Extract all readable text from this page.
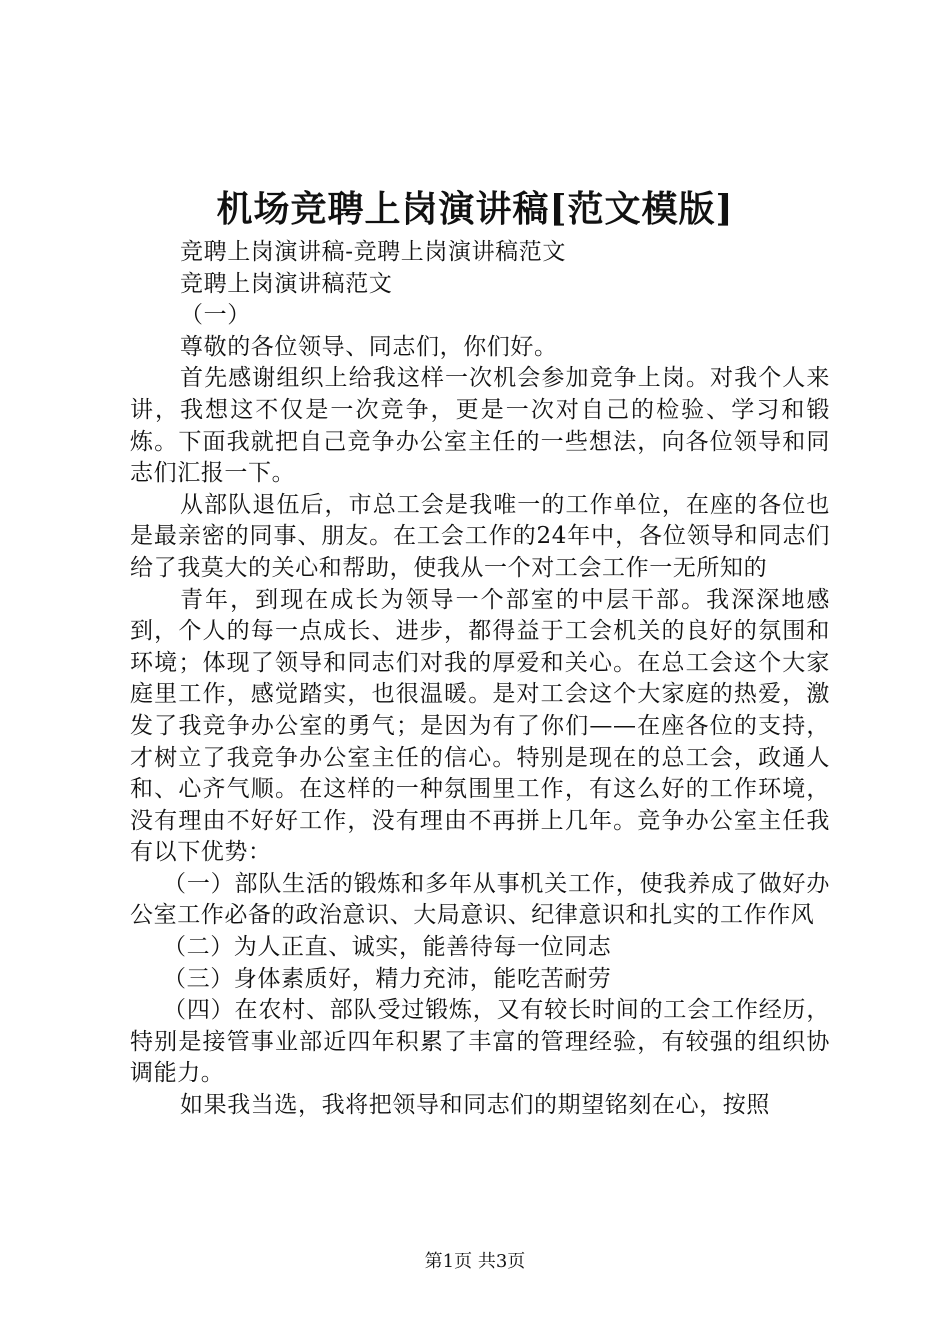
机场竞聘上岗演讲稿[范文模版]

竞聘上岗演讲稿-竞聘上岗演讲稿范文

竞聘上岗演讲稿范文

（一）

尊敬的各位领导、同志们，你们好。

首先感谢组织上给我这样一次机会参加竞争上岗。对我个人来讲，我想这不仅是一次竞争，更是一次对自己的检验、学习和锻炼。下面我就把自己竞争办公室主任的一些想法，向各位领导和同志们汇报一下。

从部队退伍后，市总工会是我唯一的工作单位，在座的各位也是最亲密的同事、朋友。在工会工作的24年中，各位领导和同志们给了我莫大的关心和帮助，使我从一个对工会工作一无所知的

青年，到现在成长为领导一个部室的中层干部。我深深地感到，个人的每一点成长、进步，都得益于工会机关的良好的氛围和环境；体现了领导和同志们对我的厚爱和关心。在总工会这个大家庭里工作，感觉踏实，也很温暖。是对工会这个大家庭的热爱，激发了我竞争办公室的勇气；是因为有了你们——在座各位的支持，才树立了我竞争办公室主任的信心。特别是现在的总工会，政通人和、心齐气顺。在这样的一种氛围里工作，有这么好的工作环境，没有理由不好好工作，没有理由不再拼上几年。竞争办公室主任我有以下优势：

（一）部队生活的锻炼和多年从事机关工作，使我养成了做好办公室工作必备的政治意识、大局意识、纪律意识和扎实的工作作风

（二）为人正直、诚实，能善待每一位同志

（三）身体素质好，精力充沛，能吃苦耐劳

（四）在农村、部队受过锻炼，又有较长时间的工会工作经历，特别是接管事业部近四年积累了丰富的管理经验，有较强的组织协调能力。

如果我当选，我将把领导和同志们的期望铭刻在心，按照

第1页 共3页
